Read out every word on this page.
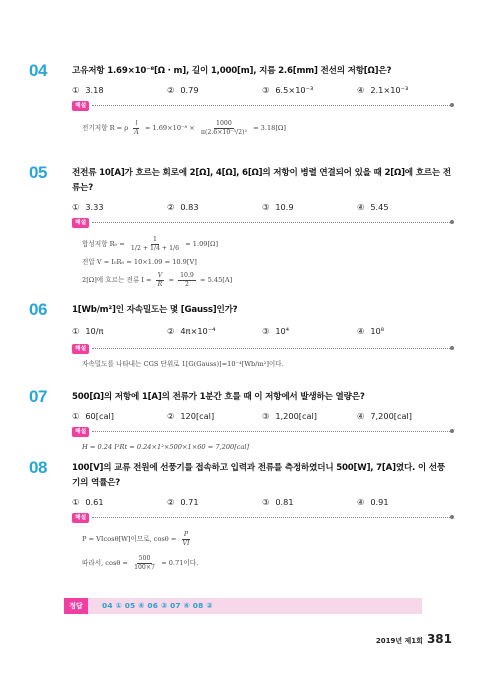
04	고유저항 1.69×10⁻⁸[Ω · m], 길이 1,000[m], 지름 2.6[mm] 전선의 저항[Ω]은?
① 3.18	② 0.79	③ 6.5×10⁻³	④ 2.1×10⁻³
해설
전기저항 R = ρ $\frac{l}{A} = 1.69\times 10^{-8} \times \frac{1000}{\text{π(2.6×10⁻³/2)²}} = 3.18[\Omega]$
05	전전류 10[A]가 흐르는 회로에 2[Ω], 4[Ω], 6[Ω]의 저항이 병렬 연결되어 있을 때 2[Ω]에 흐르는 전류는?
① 3.33	② 0.83	③ 10.9	④ 5.45
해설
합성저항 $R_0 = \frac{1}{1/2 + 1/4 + 1/6} = 1.09[\Omega]$
전압 V = I₀R₀ = 10×1.09 = 10.9[V]
2[Ω]에 흐르는 전류 $I = \frac{V}{R} = \frac{10.9}{2} = 5.45[A]$
06	1[Wb/m²]인 자속밀도는 몇 [Gauss]인가?
① 10/π	② 4π×10⁻⁴	③ 10⁴	④ 10⁸
해설
자속밀도를 나타내는 CGS 단위로 1[G(Gauss)]=10⁻⁴[Wb/m²]이다.
07	500[Ω]의 저항에 1[A]의 전류가 1분간 흐를 때 이 저항에서 발생하는 열량은?
① 60[cal]	② 120[cal]	③ 1,200[cal]	④ 7,200[cal]
해설
H = 0.24 I²Rt = 0.24×1²×500×1×60 = 7,200[cal]
08	100[V]의 교류 전원에 선풍기를 접속하고 입력과 전류를 측정하였더니 500[W], 7[A]였다. 이 선풍기의 역률은?
① 0.61	② 0.71	③ 0.81	④ 0.91
해설
P = VIcosθ[W]이므로, $\cos\theta = \frac{P}{VI}$
따라서, $\cos\theta = \frac{500}{100\times 7} = 0.71$이다.
정답	04 ① 05 ④ 06 ③ 07 ④ 08 ②
2019년 제1회 381
